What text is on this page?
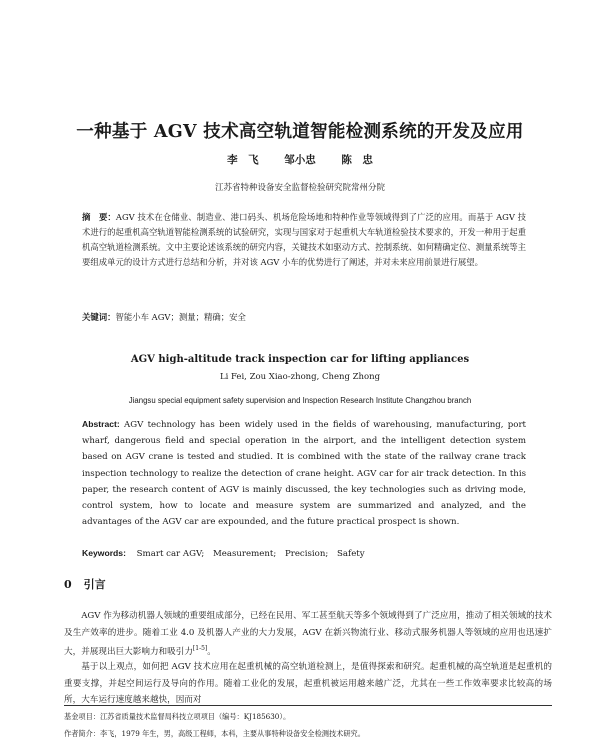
一种基于 AGV 技术高空轨道智能检测系统的开发及应用
李　飞 邹小忠 陈　忠
江苏省特种设备安全监督检验研究院常州分院
摘　要：AGV 技术在仓储业、制造业、港口码头、机场危险场地和特种作业等领域得到了广泛的应用。而基于 AGV 技术进行的起重机高空轨道智能检测系统的试验研究，实现与国家对于起重机大车轨道检验技术要求的，开发一种用于起重机高空轨道检测系统。文中主要论述该系统的研究内容，关键技术如驱动方式、控制系统、如何精确定位、测量系统等主要组成单元的设计方式进行总结和分析，并对该 AGV 小车的优势进行了阐述，并对未来应用前景进行展望。
关键词：智能小车 AGV；测量；精确；安全
AGV high-altitude track inspection car for lifting appliances
Li Fei, Zou Xiao-zhong, Cheng Zhong
Jiangsu special equipment safety supervision and Inspection Research Institute Changzhou branch
Abstract: AGV technology has been widely used in the fields of warehousing, manufacturing, port wharf, dangerous field and special operation in the airport, and the intelligent detection system based on AGV crane is tested and studied. It is combined with the state of the railway crane track inspection technology to realize the detection of crane height. AGV car for air track detection. In this paper, the research content of AGV is mainly discussed, the key technologies such as driving mode, control system, how to locate and measure system are summarized and analyzed, and the advantages of the AGV car are expounded, and the future practical prospect is shown.
Keywords: Smart car AGV; Measurement; Precision; Safety
0 引言
AGV 作为移动机器人领域的重要组成部分，已经在民用、军工甚至航天等多个领域得到了广泛应用，推动了相关领域的技术及生产效率的进步。随着工业 4.0 及机器人产业的大力发展，AGV 在新兴物流行业、移动式服务机器人等领域的应用也迅速扩大，并展现出巨大影响力和吸引力[1-5]。
基于以上观点，如何把 AGV 技术应用在起重机械的高空轨道检测上，是值得探索和研究。起重机械的高空轨道是起重机的重要支撑，并起空间运行及导向的作用。随着工业化的发展，起重机被运用越来越广泛，尤其在一些工作效率要求比较高的场所，大车运行速度越来越快，因而对
基金项目：江苏省质量技术监督局科技立项项目（编号：KJ185630）。
作者简介：李飞，1979 年生，男，高级工程师，本科，主要从事特种设备安全检测技术研究。
